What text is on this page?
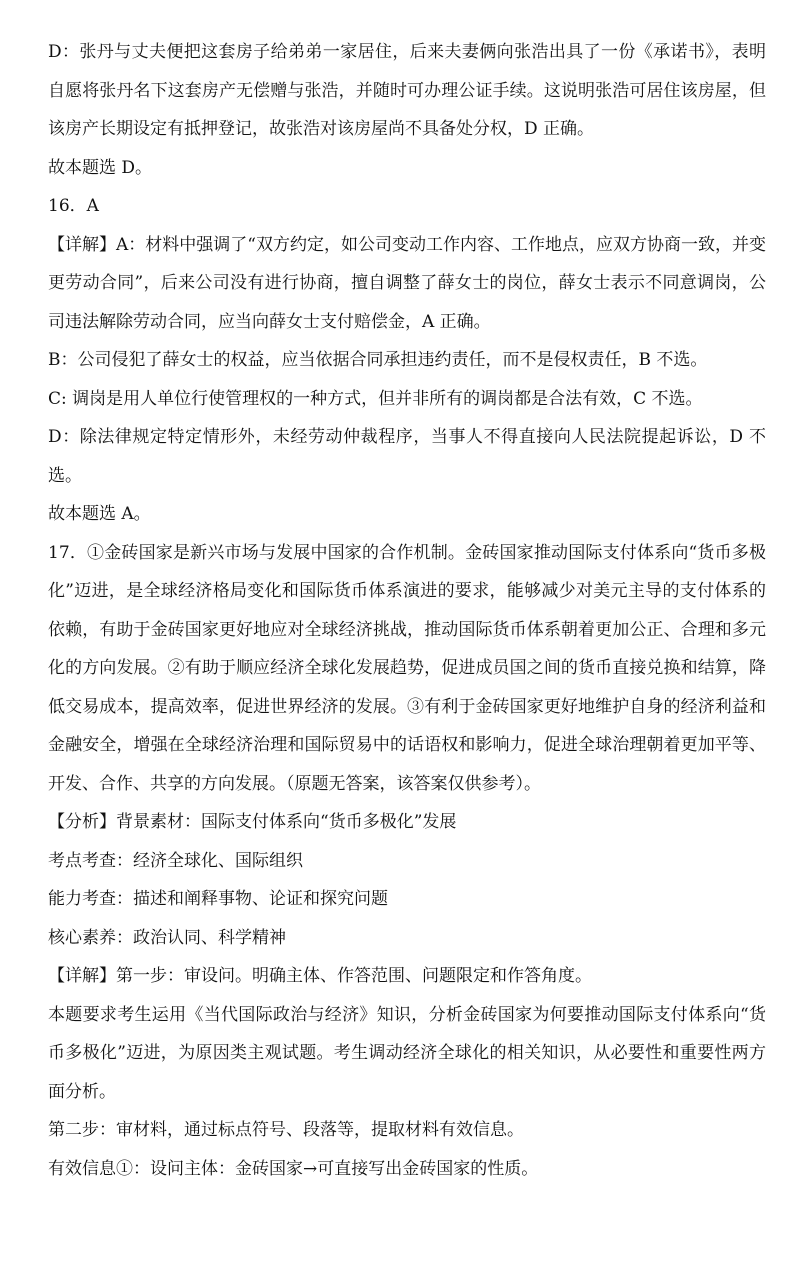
D：张丹与丈夫便把这套房子给弟弟一家居住，后来夫妻俩向张浩出具了一份《承诺书》，表明自愿将张丹名下这套房产无偿赠与张浩，并随时可办理公证手续。这说明张浩可居住该房屋，但该房产长期设定有抵押登记，故张浩对该房屋尚不具备处分权，D 正确。

故本题选 D。

16．A

【详解】A：材料中强调了“双方约定，如公司变动工作内容、工作地点，应双方协商一致，并变更劳动合同”，后来公司没有进行协商，擅自调整了薛女士的岗位，薛女士表示不同意调岗，公司违法解除劳动合同，应当向薛女士支付赔偿金，A 正确。

B：公司侵犯了薛女士的权益，应当依据合同承担违约责任，而不是侵权责任，B 不选。

C: 调岗是用人单位行使管理权的一种方式，但并非所有的调岗都是合法有效，C 不选。

D：除法律规定特定情形外，未经劳动仲裁程序，当事人不得直接向人民法院提起诉讼，D 不选。

故本题选 A。

17．①金砖国家是新兴市场与发展中国家的合作机制。金砖国家推动国际支付体系向“货币多极化”迈进，是全球经济格局变化和国际货币体系演进的要求，能够减少对美元主导的支付体系的依赖，有助于金砖国家更好地应对全球经济挑战，推动国际货币体系朝着更加公正、合理和多元化的方向发展。②有助于顺应经济全球化发展趋势，促进成员国之间的货币直接兑换和结算，降低交易成本，提高效率，促进世界经济的发展。③有利于金砖国家更好地维护自身的经济利益和金融安全，增强在全球经济治理和国际贸易中的话语权和影响力，促进全球治理朝着更加平等、开发、合作、共享的方向发展。（原题无答案，该答案仅供参考）。

【分析】背景素材：国际支付体系向“货币多极化”发展

考点考查：经济全球化、国际组织

能力考查：描述和阐释事物、论证和探究问题

核心素养：政治认同、科学精神

【详解】第一步：审设问。明确主体、作答范围、问题限定和作答角度。

本题要求考生运用《当代国际政治与经济》知识，分析金砖国家为何要推动国际支付体系向“货币多极化”迈进，为原因类主观试题。考生调动经济全球化的相关知识，从必要性和重要性两方面分析。

第二步：审材料，通过标点符号、段落等，提取材料有效信息。

有效信息①：设问主体：金砖国家→可直接写出金砖国家的性质。
